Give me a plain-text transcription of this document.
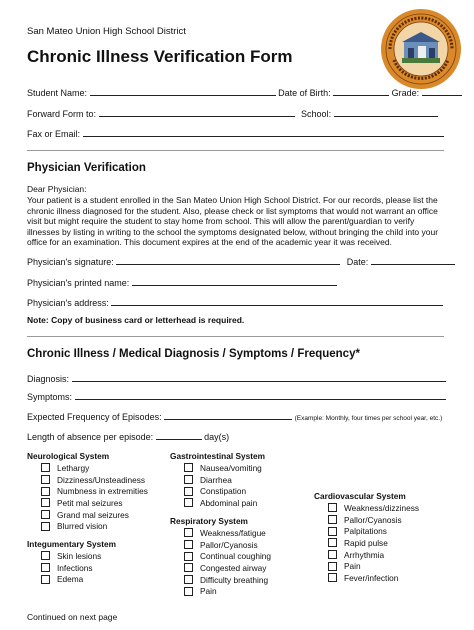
San Mateo Union High School District
Chronic Illness Verification Form
Student Name:	Date of Birth:	Grade:
Forward Form to:	School:
Fax or Email:
Physician Verification
Dear Physician:
Your patient is a student enrolled in the San Mateo Union High School District. For our records, please list the chronic illness diagnosed for the student. Also, please check or list symptoms that would not warrant an office visit but might require the student to stay home from school. This will allow the parent/guardian to verify illnesses by listing in writing to the school the symptoms designated below, without bringing the child into your office for an examination. This document expires at the end of the academic year it was received.
Physician's signature:	Date:
Physician's printed name:
Physician's address:
Note: Copy of business card or letterhead is required.
Chronic Illness / Medical Diagnosis / Symptoms / Frequency*
Diagnosis:
Symptoms:
Expected Frequency of Episodes:	(Example: Monthly, four times per school year, etc.)
Length of absence per episode:	day(s)
Neurological System
Lethargy
Dizziness/Unsteadiness
Numbness in extremities
Petit mal seizures
Grand mal seizures
Blurred vision
Integumentary System
Skin lesions
Infections
Edema
Gastrointestinal System
Nausea/vomiting
Diarrhea
Constipation
Abdominal pain
Respiratory System
Weakness/fatigue
Pallor/Cyanosis
Continual coughing
Congested airway
Difficulty breathing
Pain
Cardiovascular System
Weakness/dizziness
Pallor/Cyanosis
Palpitations
Rapid pulse
Arrhythmia
Pain
Fever/infection
Continued on next page
